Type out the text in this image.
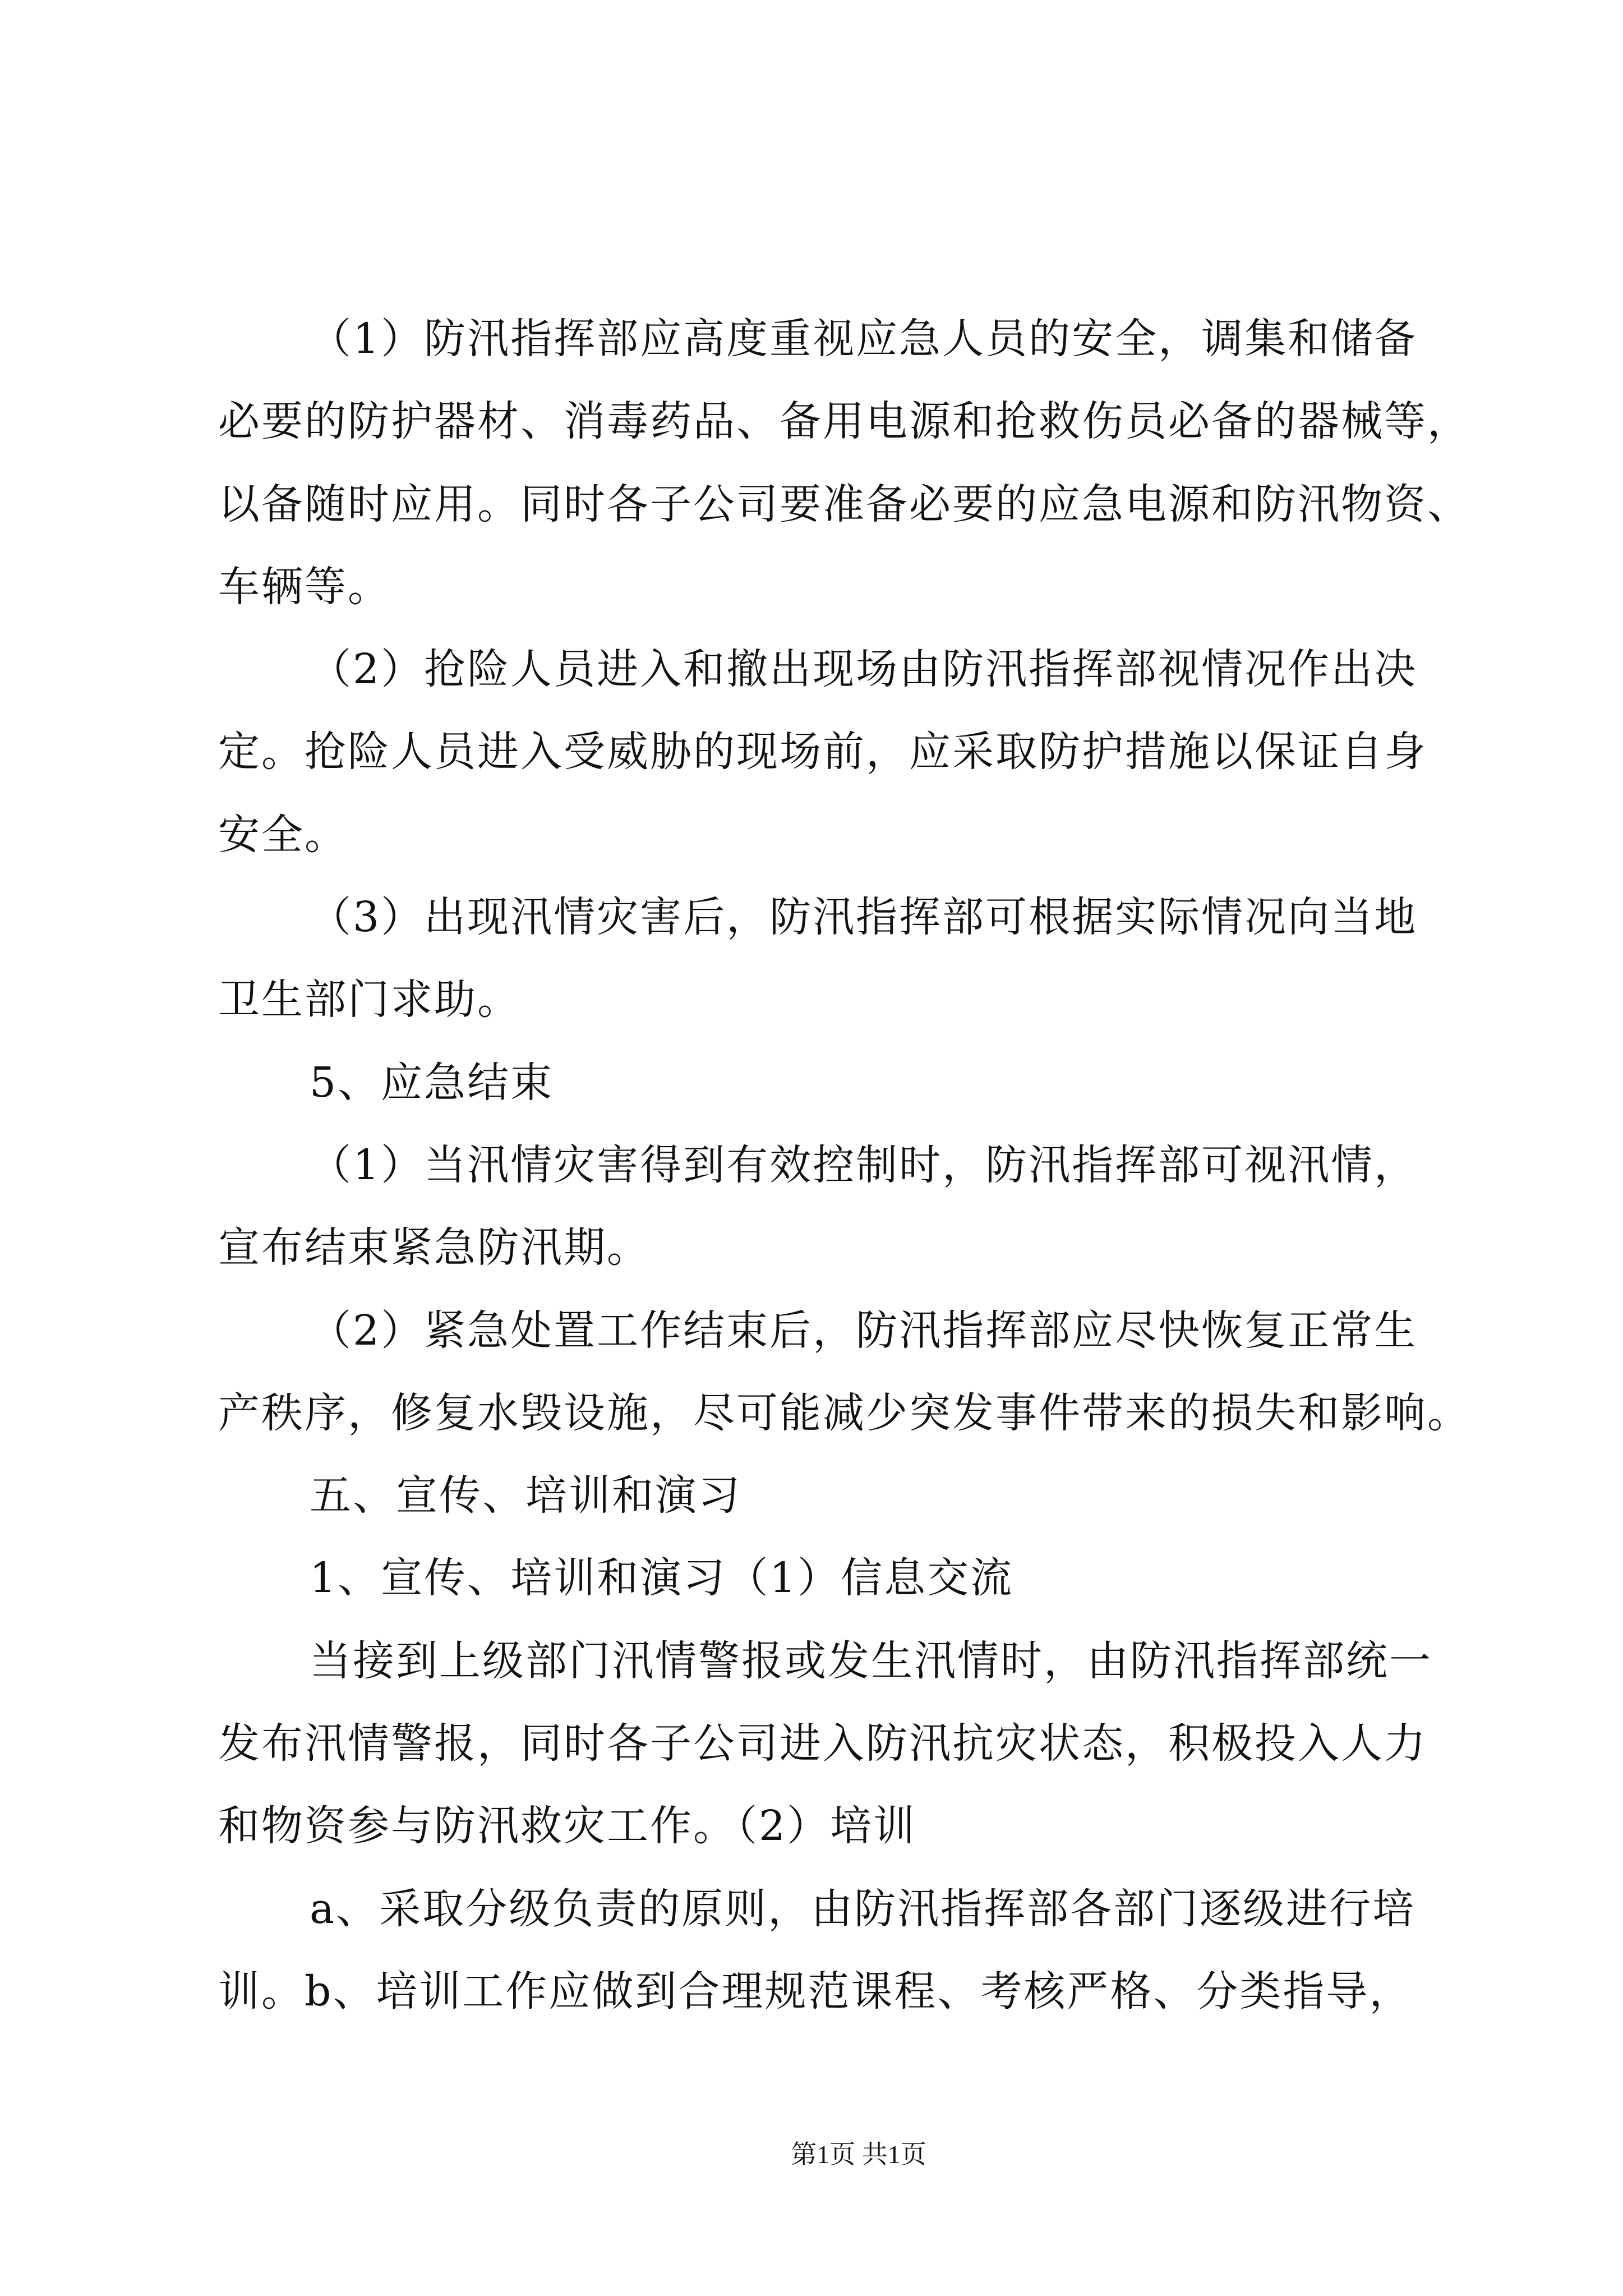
（1）防汛指挥部应高度重视应急人员的安全，调集和储备
必要的防护器材、消毒药品、备用电源和抢救伤员必备的器械等，
以备随时应用。同时各子公司要准备必要的应急电源和防汛物资、
车辆等。
（2）抢险人员进入和撤出现场由防汛指挥部视情况作出决
定。抢险人员进入受威胁的现场前，应采取防护措施以保证自身
安全。
（3）出现汛情灾害后，防汛指挥部可根据实际情况向当地
卫生部门求助。
5、应急结束
（1）当汛情灾害得到有效控制时，防汛指挥部可视汛情，
宣布结束紧急防汛期。
（2）紧急处置工作结束后，防汛指挥部应尽快恢复正常生
产秩序，修复水毁设施，尽可能减少突发事件带来的损失和影响。
五、宣传、培训和演习
1、宣传、培训和演习（1）信息交流
当接到上级部门汛情警报或发生汛情时，由防汛指挥部统一
发布汛情警报，同时各子公司进入防汛抗灾状态，积极投入人力
和物资参与防汛救灾工作。（2）培训
a、采取分级负责的原则，由防汛指挥部各部门逐级进行培
训。b、培训工作应做到合理规范课程、考核严格、分类指导，
第1页 共1页
